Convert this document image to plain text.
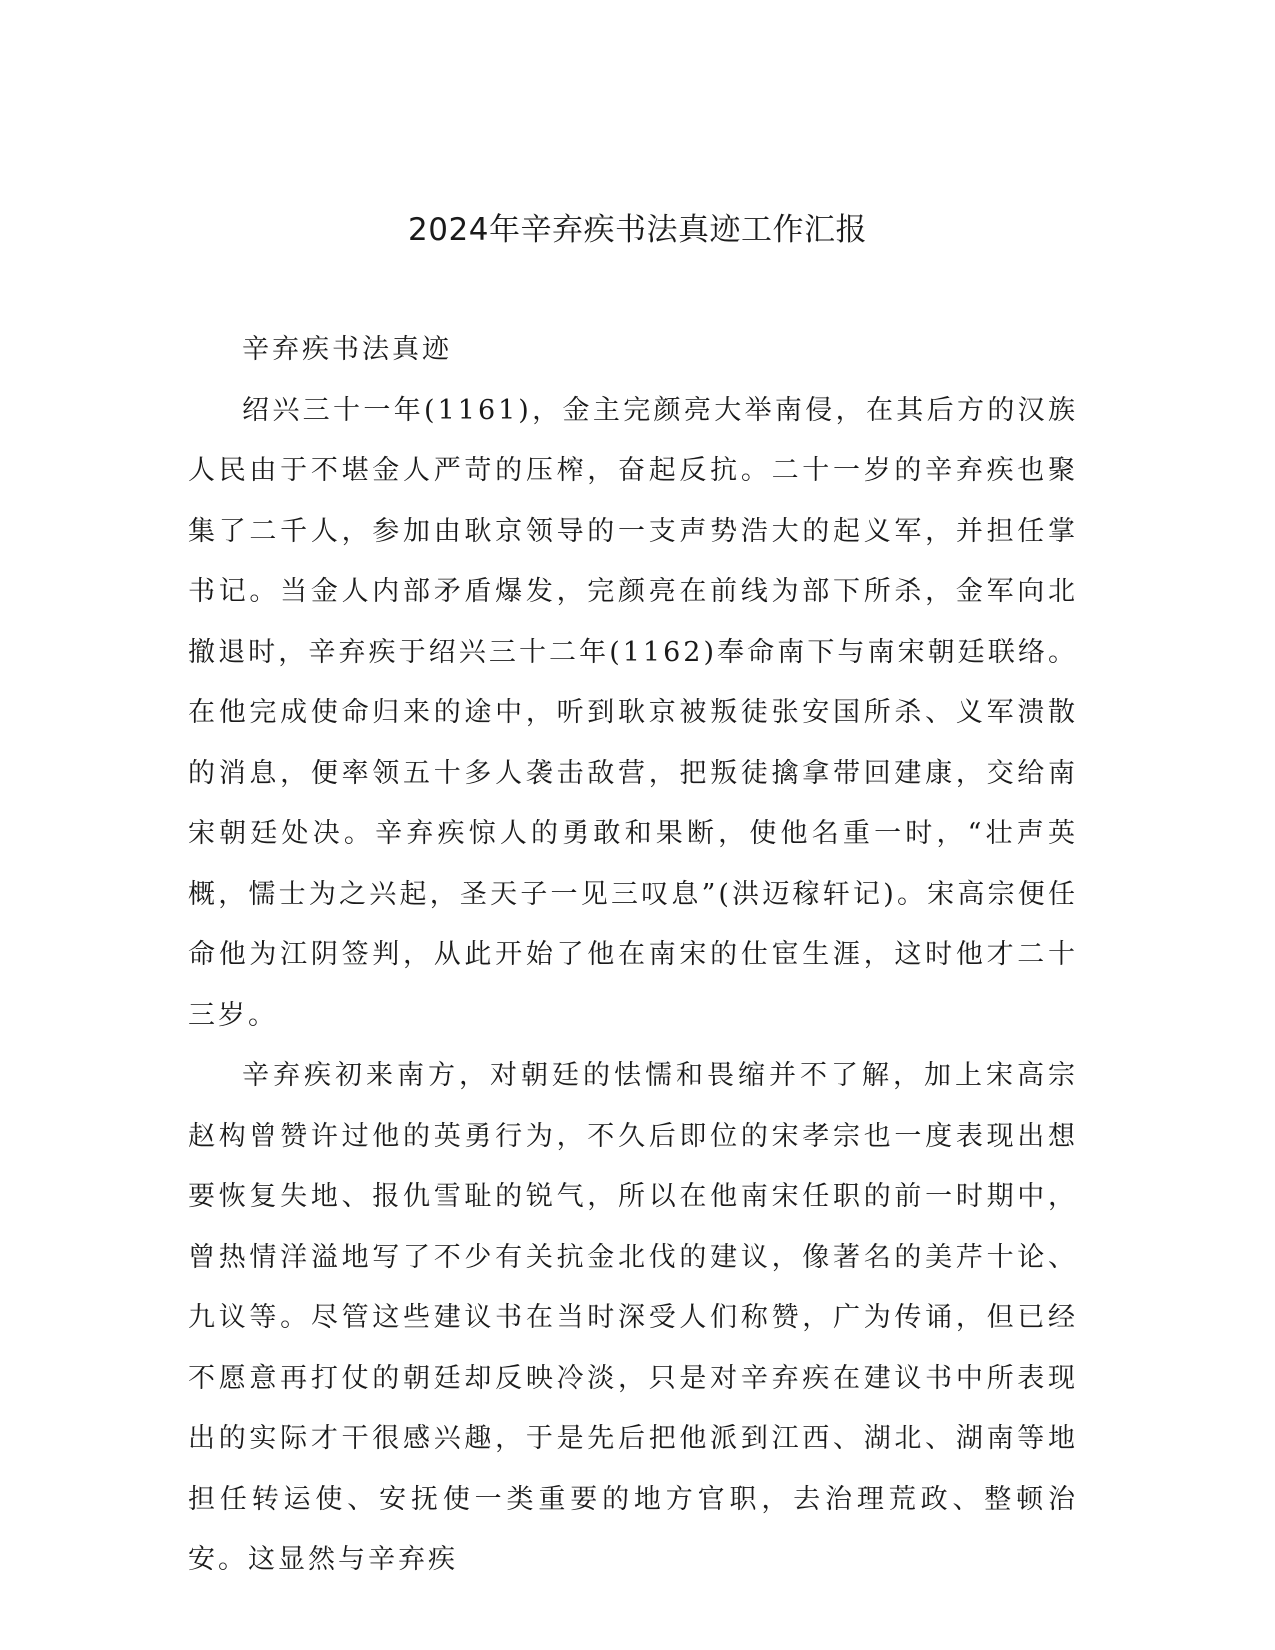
2024年辛弃疾书法真迹工作汇报

辛弃疾书法真迹

绍兴三十一年(1161)，金主完颜亮大举南侵，在其后方的汉族人民由于不堪金人严苛的压榨，奋起反抗。二十一岁的辛弃疾也聚集了二千人，参加由耿京领导的一支声势浩大的起义军，并担任掌书记。当金人内部矛盾爆发，完颜亮在前线为部下所杀，金军向北撤退时，辛弃疾于绍兴三十二年(1162)奉命南下与南宋朝廷联络。在他完成使命归来的途中，听到耿京被叛徒张安国所杀、义军溃散的消息，便率领五十多人袭击敌营，把叛徒擒拿带回建康，交给南宋朝廷处决。辛弃疾惊人的勇敢和果断，使他名重一时，“壮声英概，懦士为之兴起，圣天子一见三叹息”(洪迈稼轩记)。宋高宗便任命他为江阴签判，从此开始了他在南宋的仕宦生涯，这时他才二十三岁。

辛弃疾初来南方，对朝廷的怯懦和畏缩并不了解，加上宋高宗赵构曾赞许过他的英勇行为，不久后即位的宋孝宗也一度表现出想要恢复失地、报仇雪耻的锐气，所以在他南宋任职的前一时期中，曾热情洋溢地写了不少有关抗金北伐的建议，像著名的美芹十论、九议等。尽管这些建议书在当时深受人们称赞，广为传诵，但已经不愿意再打仗的朝廷却反映冷淡，只是对辛弃疾在建议书中所表现出的实际才干很感兴趣，于是先后把他派到江西、湖北、湖南等地担任转运使、安抚使一类重要的地方官职，去治理荒政、整顿治安。这显然与辛弃疾
